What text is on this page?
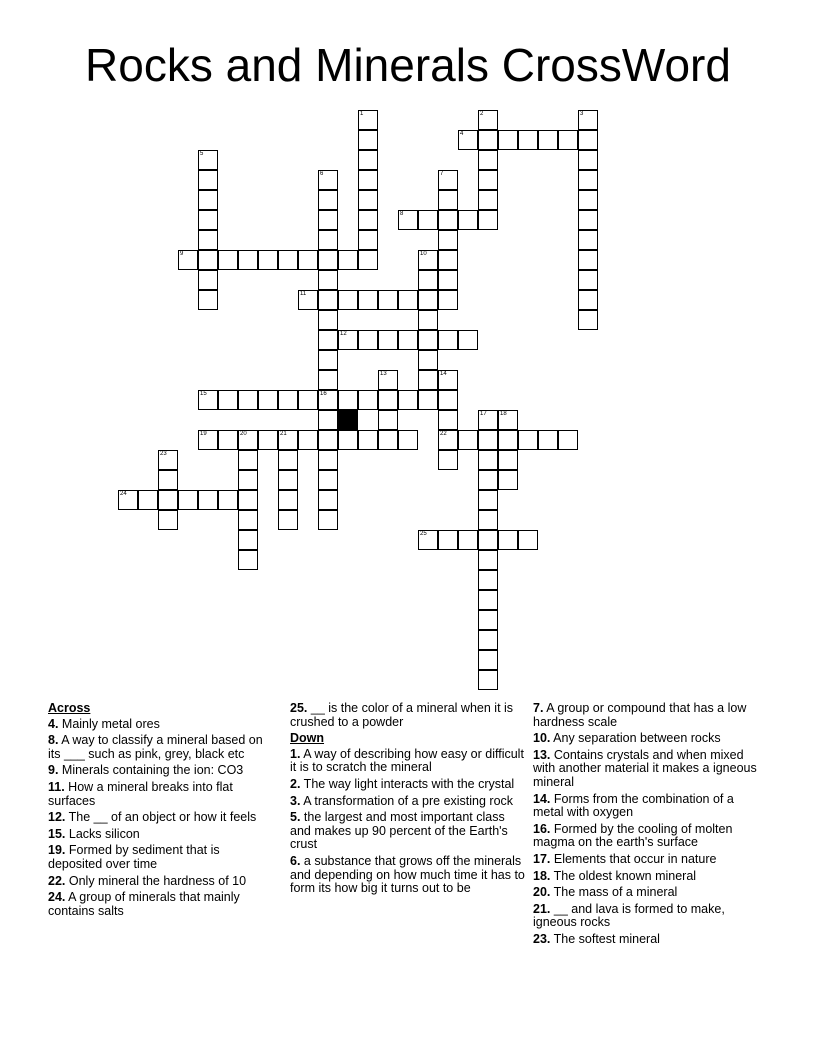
Rocks and Minerals CrossWord
1	2	3
4
5
6
16
7
8
9	10
11
12
13	14
22
15
17 18
19	20	21
23
24
25
Across
4. Mainly metal ores
8. A way to classify a mineral based on its ___ such as pink, grey, black etc
9. Minerals containing the ion: CO3
11. How a mineral breaks into flat surfaces
12. The __ of an object or how it feels
15. Lacks silicon
19. Formed by sediment that is deposited over time
22. Only mineral the hardness of 10
24. A group of minerals that mainly contains salts
25. __ is the color of a mineral when it is crushed to a powder
Down
1. A way of describing how easy or difficult it is to scratch the mineral
2. The way light interacts with the crystal
3. A transformation of a pre existing rock
5. the largest and most important class and makes up 90 percent of the Earth's crust
6. a substance that grows off the minerals and depending on how much time it has to form its how big it turns out to be
7. A group or compound that has a low hardness scale
10. Any separation between rocks
13. Contains crystals and when mixed with another material it makes a igneous mineral
14. Forms from the combination of a metal with oxygen
16. Formed by the cooling of molten magma on the earth's surface
17. Elements that occur in nature
18. The oldest known mineral
20. The mass of a mineral
21. __ and lava is formed to make, igneous rocks
23. The softest mineral
